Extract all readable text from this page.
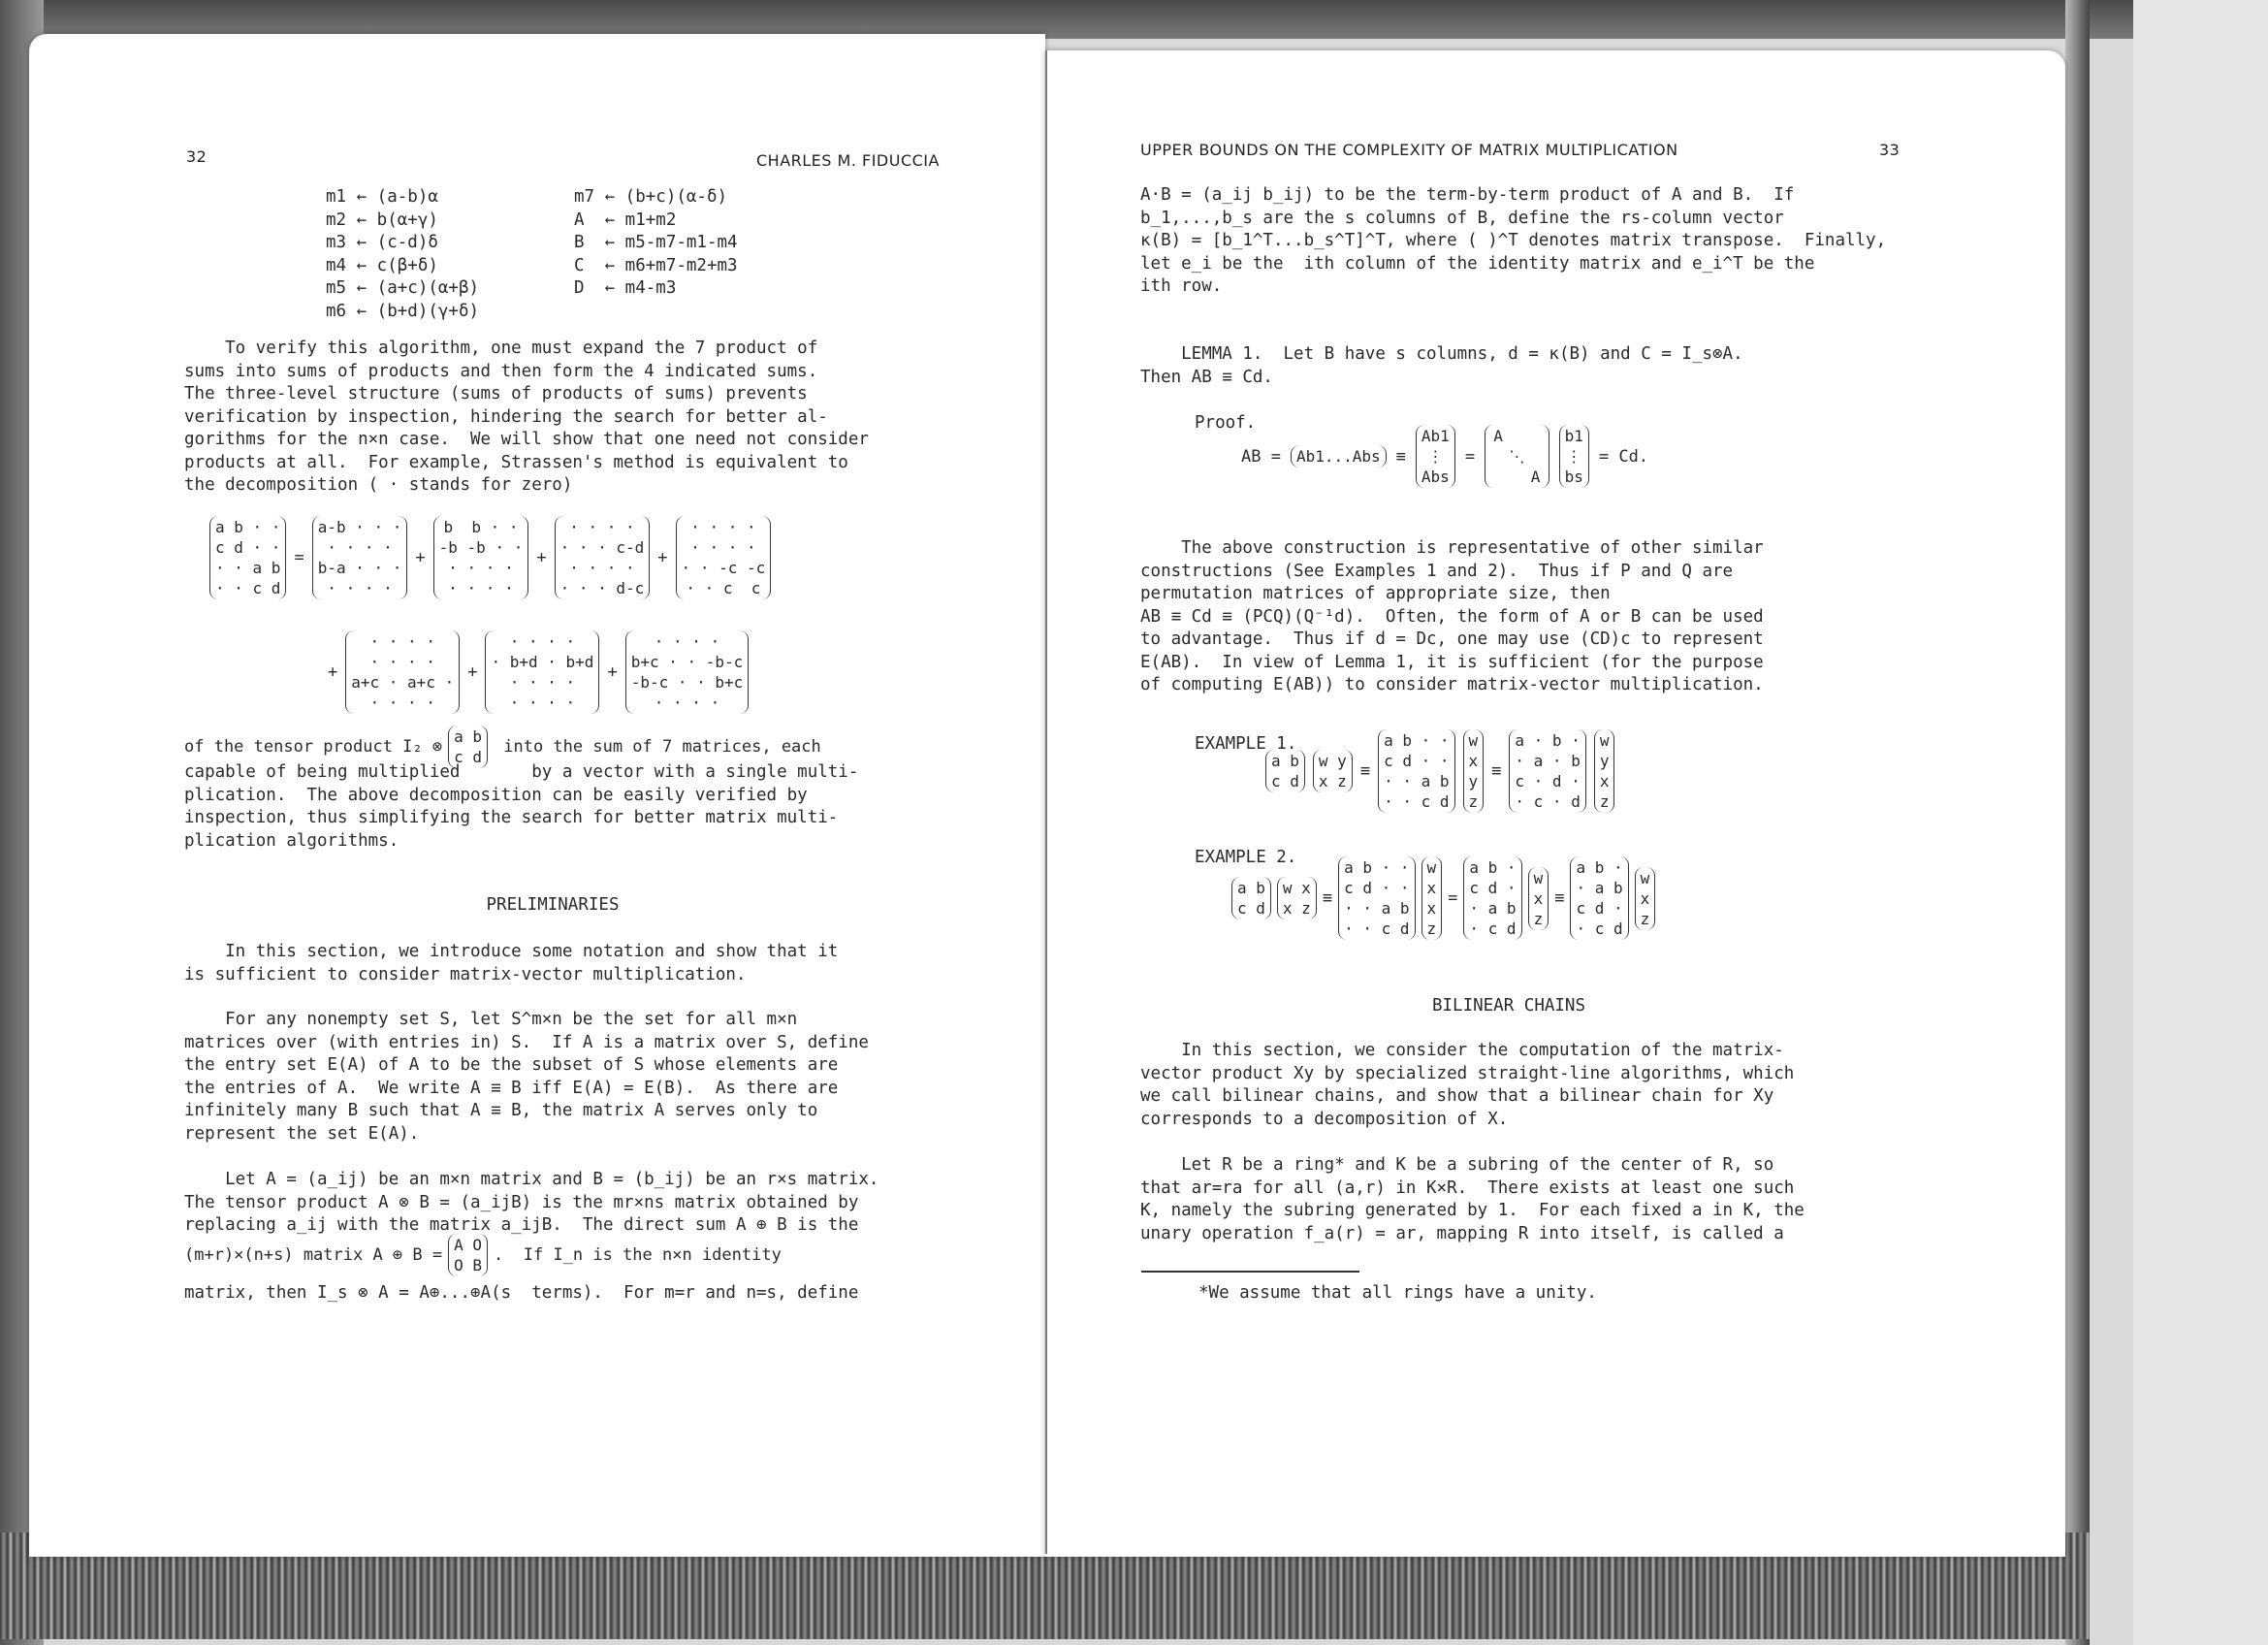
32	CHARLES M. FIDUCCIA
m1 ← (a-b)α
m2 ← b(α+γ)
m3 ← (c-d)δ
m4 ← c(β+δ)
m5 ← (a+c)(α+β)
m6 ← (b+d)(γ+δ)
m7 ← (b+c)(α-δ)
A  ← m1+m2
B  ← m5-m7-m1-m4
C  ← m6+m7-m2+m3
D  ← m4-m3
To verify this algorithm, one must expand the 7 product of
sums into sums of products and then form the 4 indicated sums.
The three-level structure (sums of products of sums) prevents
verification by inspection, hindering the search for better al-
gorithms for the n×n case.  We will show that one need not consider
products at all.  For example, Strassen's method is equivalent to
the decomposition ( · stands for zero)
a b · ·
c d · ·
· · a b
· · c d
=
a-b · · ·
· · · ·
b-a · · ·
· · · ·
+
b  b · ·
-b -b · ·
· · · ·
· · · ·
+
· · · ·
· · · c-d
· · · ·
· · · d-c
+
· · · ·
· · · ·
· · -c -c
· · c  c
+
· · · ·
· · · ·
a+c · a+c ·
· · · ·
+
· · · ·
· b+d · b+d
· · · ·
· · · ·
+
· · · ·
b+c · · -b-c
-b-c · · b+c
· · · ·
of the tensor product I₂ ⊗
a b
c d
into the sum of 7 matrices, each
capable of being multiplied       by a vector with a single multi-
plication.  The above decomposition can be easily verified by
inspection, thus simplifying the search for better matrix multi-
plication algorithms.
PRELIMINARIES
In this section, we introduce some notation and show that it
is sufficient to consider matrix-vector multiplication.
For any nonempty set S, let S^m×n be the set for all m×n
matrices over (with entries in) S.  If A is a matrix over S, define
the entry set E(A) of A to be the subset of S whose elements are
the entries of A.  We write A ≡ B iff E(A) = E(B).  As there are
infinitely many B such that A ≡ B, the matrix A serves only to
represent the set E(A).
Let A = (a_ij) be an m×n matrix and B = (b_ij) be an r×s matrix.
The tensor product A ⊗ B = (a_ijB) is the mr×ns matrix obtained by
replacing a_ij with the matrix a_ijB.  The direct sum A ⊕ B is the
(m+r)×(n+s) matrix A ⊕ B =
A O
O B
.  If I_n is the n×n identity
matrix, then I_s ⊗ A = A⊕...⊕A(s  terms).  For m=r and n=s, define
UPPER BOUNDS ON THE COMPLEXITY OF MATRIX MULTIPLICATION	33
A·B = (a_ij b_ij) to be the term-by-term product of A and B.  If
b_1,...,b_s are the s columns of B, define the rs-column vector
κ(B) = [b_1^T...b_s^T]^T, where ( )^T denotes matrix transpose.  Finally,
let e_i be the  ith column of the identity matrix and e_i^T be the
ith row.
LEMMA 1.  Let B have s columns, d = κ(B) and C = I_s⊗A.
Then AB ≡ Cd.
Proof.
AB = Ab1...Abs ≡
Ab1
⋮
Abs
=
A
⋱
A
b1
⋮
bs
= Cd.
The above construction is representative of other similar
constructions (See Examples 1 and 2).  Thus if P and Q are
permutation matrices of appropriate size, then
AB ≡ Cd ≡ (PCQ)(Q⁻¹d).  Often, the form of A or B can be used
to advantage.  Thus if d = Dc, one may use (CD)c to represent
E(AB).  In view of Lemma 1, it is sufficient (for the purpose
of computing E(AB)) to consider matrix-vector multiplication.
EXAMPLE 1.
a b
c d
w y
x z
≡
a b · ·
c d · ·
· · a b
· · c d
w
x
y
z
≡
a · b ·
· a · b
c · d ·
· c · d
w
y
x
z
EXAMPLE 2.
a b
c d
w x
x z
≡
a b · ·
c d · ·
· · a b
· · c d
w
x
x
z
=
a b ·
c d ·
· a b
· c d
w
x
z
≡
a b ·
· a b
c d ·
· c d
w
x
z
BILINEAR CHAINS
In this section, we consider the computation of the matrix-
vector product Xy by specialized straight-line algorithms, which
we call bilinear chains, and show that a bilinear chain for Xy
corresponds to a decomposition of X.
Let R be a ring* and K be a subring of the center of R, so
that ar=ra for all (a,r) in K×R.  There exists at least one such
K, namely the subring generated by 1.  For each fixed a in K, the
unary operation f_a(r) = ar, mapping R into itself, is called a
*We assume that all rings have a unity.
